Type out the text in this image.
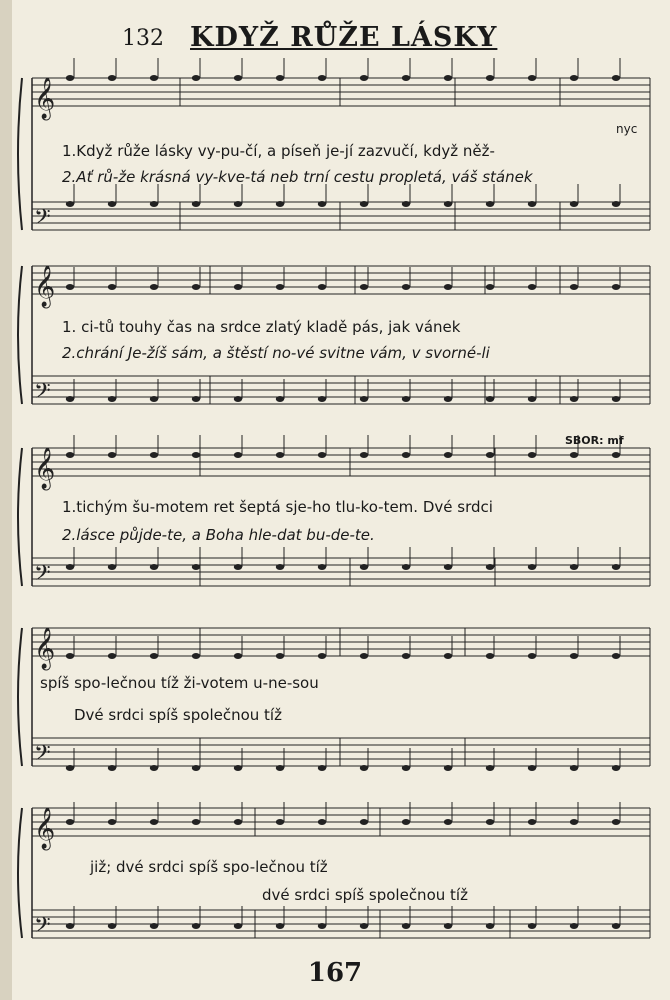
132 KDYŽ RŮŽE LÁSKY
𝄞
𝄢
1.Když růže lásky vy-pu-čí, a píseň je-jí zazvučí, když něž-
2.Ať rů-že krásná vy-kve-tá neb trní cestu propletá, váš stánek
nyc
𝄞
𝄢
1. ci-tů touhy čas na srdce zlatý kladě pás, jak vánek
2.chrání Je-žíš sám, a štěstí no-vé svitne vám, v svorné-li
𝄞
𝄢
SBOR: mf
1.tichým šu-motem ret šeptá sje-ho tlu-ko-tem. Dvé srdci
2.lásce půjde-te, a Boha hle-dat bu-de-te.
𝄞
𝄢
spíš spo-lečnou tíž ži-votem u-ne-sou
Dvé srdci spíš společnou tíž
𝄞
𝄢
již; dvé srdci spíš spo-lečnou tíž
dvé srdci spíš společnou tíž
167
